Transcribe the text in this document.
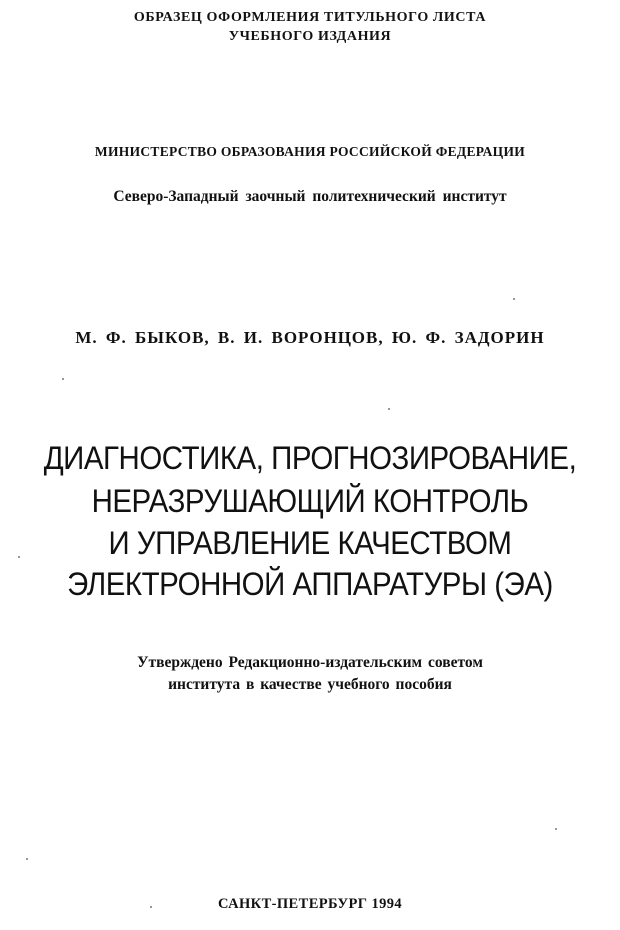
ОБРАЗЕЦ ОФОРМЛЕНИЯ ТИТУЛЬНОГО ЛИСТА
УЧЕБНОГО ИЗДАНИЯ
МИНИСТЕРСТВО ОБРАЗОВАНИЯ РОССИЙСКОЙ ФЕДЕРАЦИИ
Северо-Западный заочный политехнический институт
М. Ф. БЫКОВ, В. И. ВОРОНЦОВ, Ю. Ф. ЗАДОРИН
ДИАГНОСТИКА, ПРОГНОЗИРОВАНИЕ,
НЕРАЗРУШАЮЩИЙ КОНТРОЛЬ
И УПРАВЛЕНИЕ КАЧЕСТВОМ
ЭЛЕКТРОННОЙ АППАРАТУРЫ (ЭА)
Утверждено Редакционно-издательским советом
института в качестве учебного пособия
САНКТ-ПЕТЕРБУРГ 1994
